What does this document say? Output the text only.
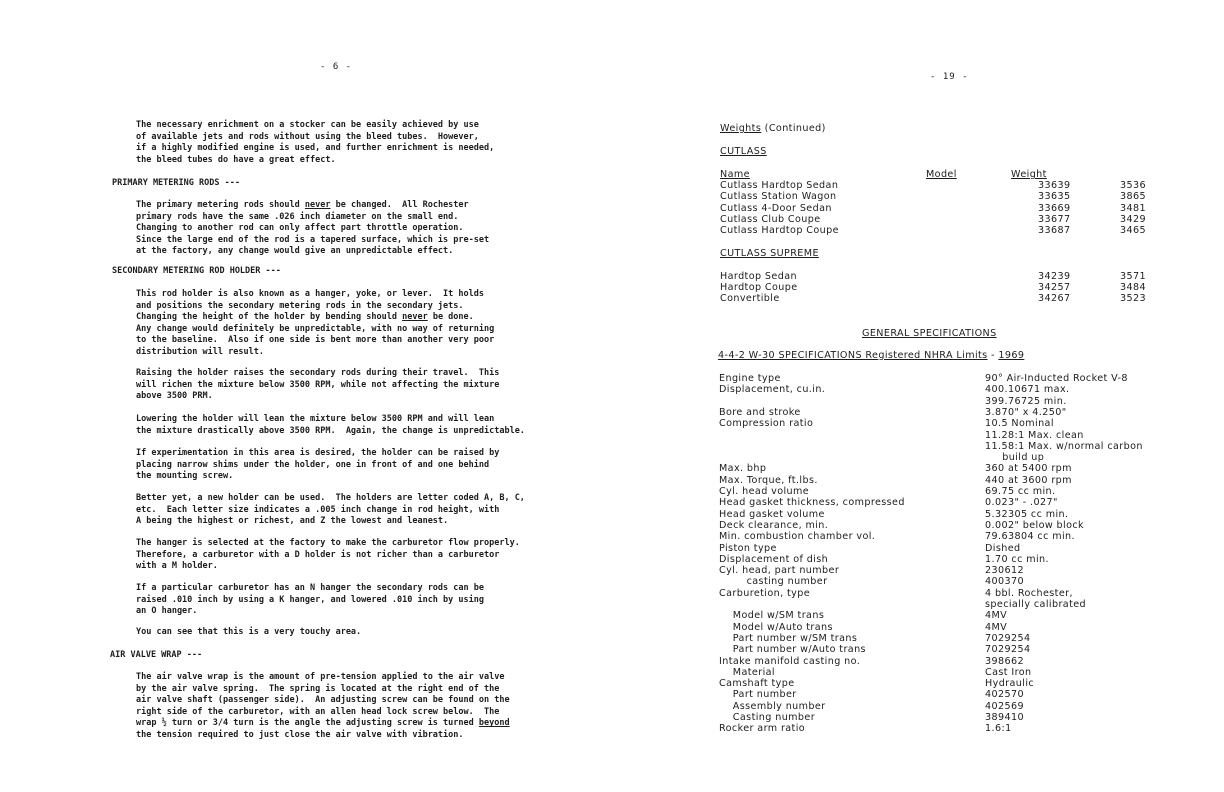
- 6 -
The necessary enrichment on a stocker can be easily achieved by use
of available jets and rods without using the bleed tubes.  However,
if a highly modified engine is used, and further enrichment is needed,
the bleed tubes do have a great effect.
PRIMARY METERING RODS ---
The primary metering rods should never be changed.  All Rochester
primary rods have the same .026 inch diameter on the small end.
Changing to another rod can only affect part throttle operation.
Since the large end of the rod is a tapered surface, which is pre-set
at the factory, any change would give an unpredictable effect.
SECONDARY METERING ROD HOLDER ---
This rod holder is also known as a hanger, yoke, or lever.  It holds
and positions the secondary metering rods in the secondary jets.
Changing the height of the holder by bending should never be done.
Any change would definitely be unpredictable, with no way of returning
to the baseline.  Also if one side is bent more than another very poor
distribution will result.
Raising the holder raises the secondary rods during their travel.  This
will richen the mixture below 3500 RPM, while not affecting the mixture
above 3500 PRM.
Lowering the holder will lean the mixture below 3500 RPM and will lean
the mixture drastically above 3500 RPM.  Again, the change is unpredictable.
If experimentation in this area is desired, the holder can be raised by
placing narrow shims under the holder, one in front of and one behind
the mounting screw.
Better yet, a new holder can be used.  The holders are letter coded A, B, C,
etc.  Each letter size indicates a .005 inch change in rod height, with
A being the highest or richest, and Z the lowest and leanest.
The hanger is selected at the factory to make the carburetor flow properly.
Therefore, a carburetor with a D holder is not richer than a carburetor
with a M holder.
If a particular carburetor has an N hanger the secondary rods can be
raised .010 inch by using a K hanger, and lowered .010 inch by using
an O hanger.
You can see that this is a very touchy area.
AIR VALVE WRAP ---
The air valve wrap is the amount of pre-tension applied to the air valve
by the air valve spring.  The spring is located at the right end of the
air valve shaft (passenger side).  An adjusting screw can be found on the
right side of the carburetor, with an allen head lock screw below.  The
wrap ½ turn or 3/4 turn is the angle the adjusting screw is turned beyond
the tension required to just close the air valve with vibration.
- 19 -
Weights (Continued)
CUTLASS
Name	Model	Weight
Cutlass Hardtop Sedan	33639	3536
Cutlass Station Wagon	33635	3865
Cutlass 4-Door Sedan	33669	3481
Cutlass Club Coupe	33677	3429
Cutlass Hardtop Coupe	33687	3465
CUTLASS SUPREME
Hardtop Sedan	34239	3571
Hardtop Coupe	34257	3484
Convertible	34267	3523
GENERAL SPECIFICATIONS
4-4-2 W-30 SPECIFICATIONS Registered NHRA Limits - 1969
Engine type	90° Air-Inducted Rocket V-8
Displacement, cu.in.	400.10671 max.
399.76725 min.
Bore and stroke	3.870" x 4.250"
Compression ratio	10.5 Nominal
11.28:1 Max. clean
11.58:1 Max. w/normal carbon
build up
Max. bhp	360 at 5400 rpm
Max. Torque, ft.lbs.	440 at 3600 rpm
Cyl. head volume	69.75 cc min.
Head gasket thickness, compressed	0.023" - .027"
Head gasket volume	5.32305 cc min.
Deck clearance, min.	0.002" below block
Min. combustion chamber vol.	79.63804 cc min.
Piston type	Dished
Displacement of dish	1.70 cc min.
Cyl. head, part number	230612
casting number	400370
Carburetion, type	4 bbl. Rochester,
specially calibrated
Model w/SM trans	4MV
Model w/Auto trans	4MV
Part number w/SM trans	7029254
Part number w/Auto trans	7029254
Intake manifold casting no.	398662
Material	Cast Iron
Camshaft type	Hydraulic
Part number	402570
Assembly number	402569
Casting number	389410
Rocker arm ratio	1.6:1
